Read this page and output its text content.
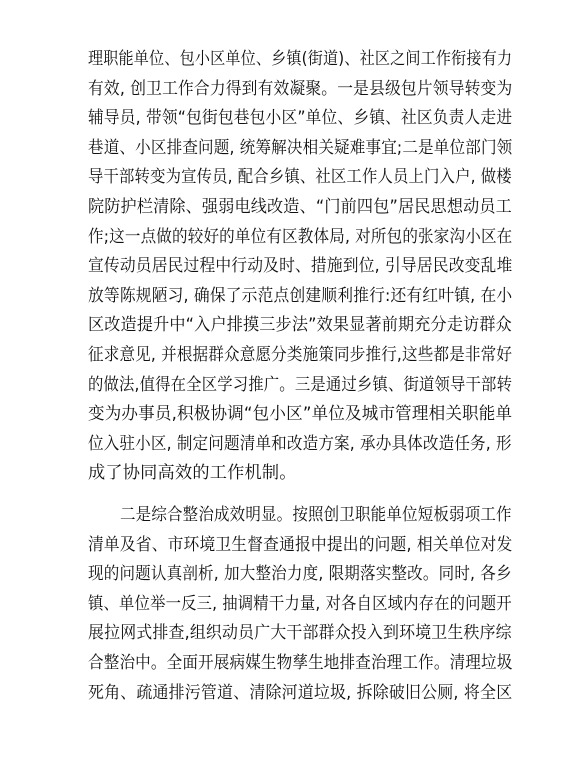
理职能单位、包小区单位、乡镇(街道)、社区之间工作衔接有力

有效, 创卫工作合力得到有效凝聚。一是县级包片领导转变为

辅导员, 带领“包街包巷包小区”单位、乡镇、社区负责人走进

巷道、小区排查问题, 统筹解决相关疑难事宜;二是单位部门领

导干部转变为宣传员, 配合乡镇、社区工作人员上门入户, 做楼

院防护栏清除、强弱电线改造、“门前四包”居民思想动员工

作;这一点做的较好的单位有区教体局, 对所包的张家沟小区在

宣传动员居民过程中行动及时、措施到位, 引导居民改变乱堆

放等陈规陋习, 确保了示范点创建顺利推行:还有红叶镇, 在小

区改造提升中“入户排摸三步法”效果显著前期充分走访群众

征求意见, 并根据群众意愿分类施策同步推行,这些都是非常好

的做法,值得在全区学习推广。三是通过乡镇、街道领导干部转

变为办事员,积极协调“包小区”单位及城市管理相关职能单

位入驻小区, 制定问题清单和改造方案, 承办具体改造任务, 形

成了协同高效的工作机制。

二是综合整治成效明显。按照创卫职能单位短板弱项工作

清单及省、市环境卫生督查通报中提出的问题, 相关单位对发

现的问题认真剖析, 加大整治力度, 限期落实整改。同时, 各乡

镇、单位举一反三, 抽调精干力量, 对各自区域内存在的问题开

展拉网式排查,组织动员广大干部群众投入到环境卫生秩序综

合整治中。全面开展病媒生物孳生地排查治理工作。清理垃圾

死角、疏通排污管道、清除河道垃圾, 拆除破旧公厕, 将全区
